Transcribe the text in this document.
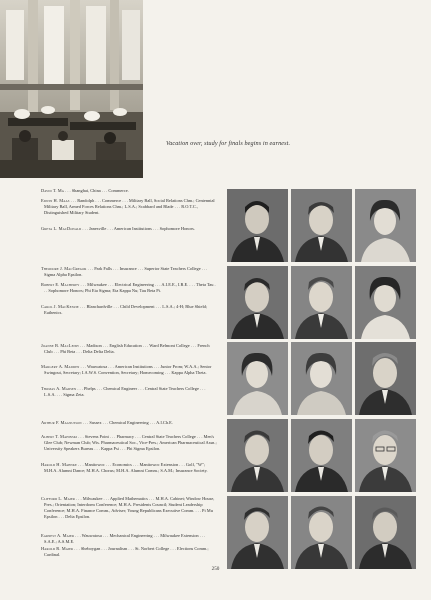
Vacation over, study for finals begins in earnest.
David T. Ma . . . Shanghai, China . . . Commerce.
Edwin H. Maas . . . Randolph . . . Commerce . . . Military Ball, Social Relations Chm.; Centennial Military Ball, Armed Forces Relations Chm.; L.S.A.; Scabbard and Blade . . . R.O.T.C., Distinguished Military Student.
Greta L. MacDonald . . . Janesville . . . American Institutions . . . Sophomore Honors.
Theodore J. MacGregor . . . Park Falls . . . Insurance . . . Superior State Teachers College . . . Sigma Alpha Epsilon.
Robert E. Macherey . . . Milwaukee . . . Electrical Engineering . . . A.I.E.E., I.R.E. . . . Theta Tau . . . Sophomore Honors; Phi Eta Sigma; Eta Kappa Nu; Tau Beta Pi.
Carol J. MacKenzie . . . Blanchardville . . . Child Development . . . L.S.A.; 4-H; Blue Shield; Euthenics.
Joanne B. MacLeish . . . Madison . . . English Education . . . Ward Belmont College . . . French Club . . . Phi Beta . . . Delta Delta Delta.
Margery A. Madden . . . Wauwatosa . . . American Institutions . . . Junior Prom; W.A.A.; Senior Swingout, Secretary; I.A.W.S. Convention, Secretary; Homecoming . . . Kappa Alpha Theta.
Thomas A. Madsen . . . Phelps . . . Chemical Engineer . . . Central State Teachers College . . . L.S.A. . . . Sigma Zeta.
Arthur F. Magnusson . . . Sussex . . . Chemical Engineering . . . A.I.Ch.E.
Albert T. Mahinski . . . Stevens Point . . . Pharmacy . . . Central State Teachers College . . . Men's Glee Club; Newman Club; Wis. Pharmaceutical Soc., Vice-Pres.; American Pharmaceutical Assn.; University Speakers Bureau . . . Kappa Psi . . . Phi Sigma Epsilon.
Harold H. Mahnke . . . Manitowoc . . . Economics . . . Manitowoc Extension . . . Golf, "W"; M.H.A. Alumni Dance; M.H.A. Chorus; M.H.A. Alumni Comm.; S.A.M.; Insurance Society.
Clifford L. Maier . . . Milwaukee . . . Applied Mathematics . . . M.H.A. Cabinet; Window House, Pres.; Orientation; Interdorm Conference; M.H.A. Presidents Council; Student Leadership Conference; M.H.A. Finance Comm., Adviser; Young Republicans Executive Comm. . . . Pi Mu Epsilon . . . Delta Epsilon.
Earnest A. Maier . . . Wauwatosa . . . Mechanical Engineering . . . Milwaukee Extension . . . S.A.E.; A.S.M.E.
Harold R. Maier . . . Sheboygan . . . Journalism . . . St. Norbert College . . . Elections Comm.; Cardinal.
250
